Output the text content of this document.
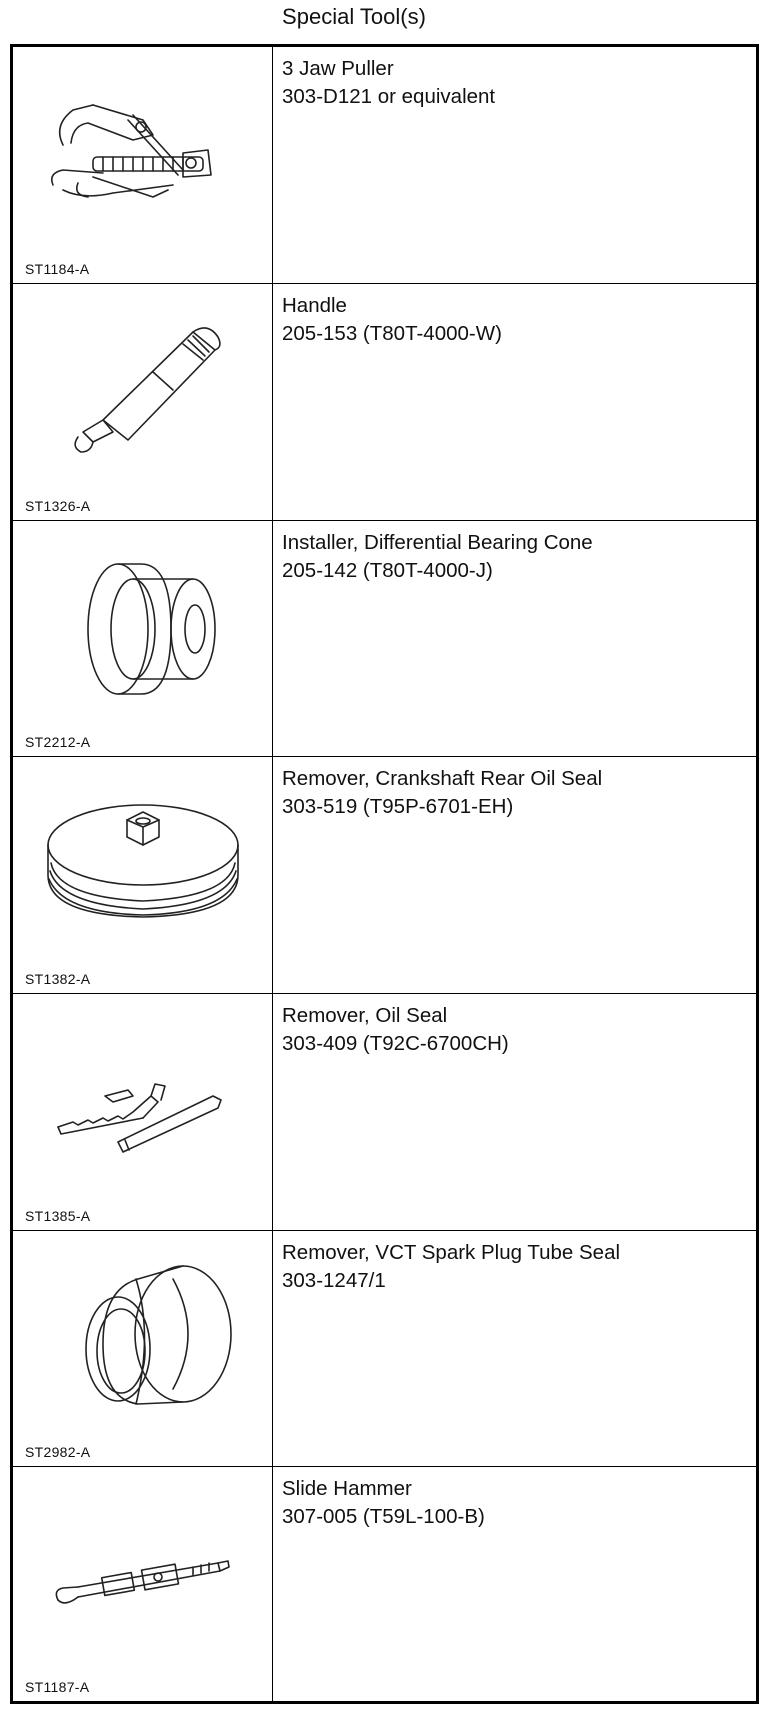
Special Tool(s)
ST1184-A
3 Jaw Puller
303-D121 or equivalent
ST1326-A
Handle
205-153 (T80T-4000-W)
ST2212-A
Installer, Differential Bearing Cone
205-142 (T80T-4000-J)
ST1382-A
Remover, Crankshaft Rear Oil Seal
303-519 (T95P-6701-EH)
ST1385-A
Remover, Oil Seal
303-409 (T92C-6700CH)
ST2982-A
Remover, VCT Spark Plug Tube Seal
303-1247/1
ST1187-A
Slide Hammer
307-005 (T59L-100-B)
